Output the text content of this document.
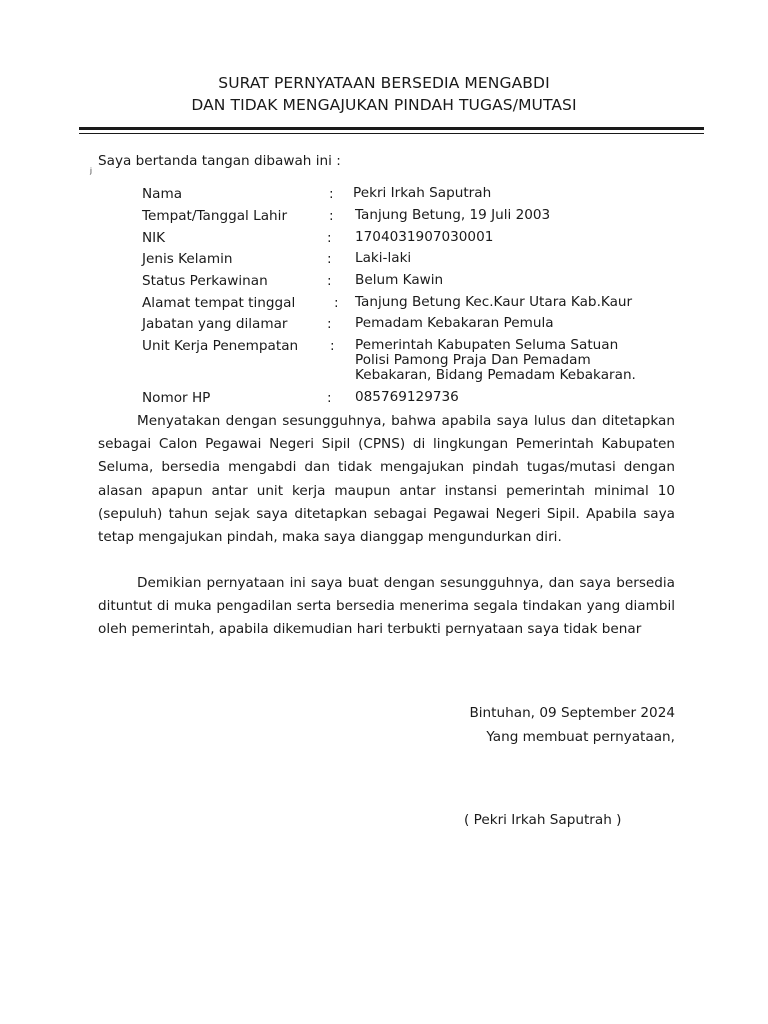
SURAT PERNYATAAN BERSEDIA MENGABDI
DAN TIDAK MENGAJUKAN PINDAH TUGAS/MUTASI
Saya bertanda tangan dibawah ini :
j
Nama	: Pekri Irkah Saputrah
Tempat/Tanggal Lahir	: Tanjung Betung, 19 Juli 2003
NIK	: 1704031907030001
Jenis Kelamin	: Laki-laki
Status Perkawinan	: Belum Kawin
Alamat tempat tinggal	: Tanjung Betung Kec.Kaur Utara Kab.Kaur
Jabatan yang dilamar	: Pemadam Kebakaran Pemula
Unit Kerja Penempatan : Pemerintah Kabupaten Seluma Satuan
Polisi Pamong Praja Dan Pemadam
Kebakaran, Bidang Pemadam Kebakaran.
Nomor HP	: 085769129736

Menyatakan dengan sesungguhnya, bahwa apabila saya lulus dan ditetapkan sebagai Calon Pegawai Negeri Sipil (CPNS) di lingkungan Pemerintah Kabupaten Seluma, bersedia mengabdi dan tidak mengajukan pindah tugas/mutasi dengan alasan apapun antar unit kerja maupun antar instansi pemerintah minimal 10 (sepuluh) tahun sejak saya ditetapkan sebagai Pegawai Negeri Sipil. Apabila saya tetap mengajukan pindah, maka saya dianggap mengundurkan diri.

Demikian pernyataan ini saya buat dengan sesungguhnya, dan saya bersedia dituntut di muka pengadilan serta bersedia menerima segala tindakan yang diambil oleh pemerintah, apabila dikemudian hari terbukti pernyataan saya tidak benar

Bintuhan, 09 September 2024
Yang membuat pernyataan,
( Pekri Irkah Saputrah )
